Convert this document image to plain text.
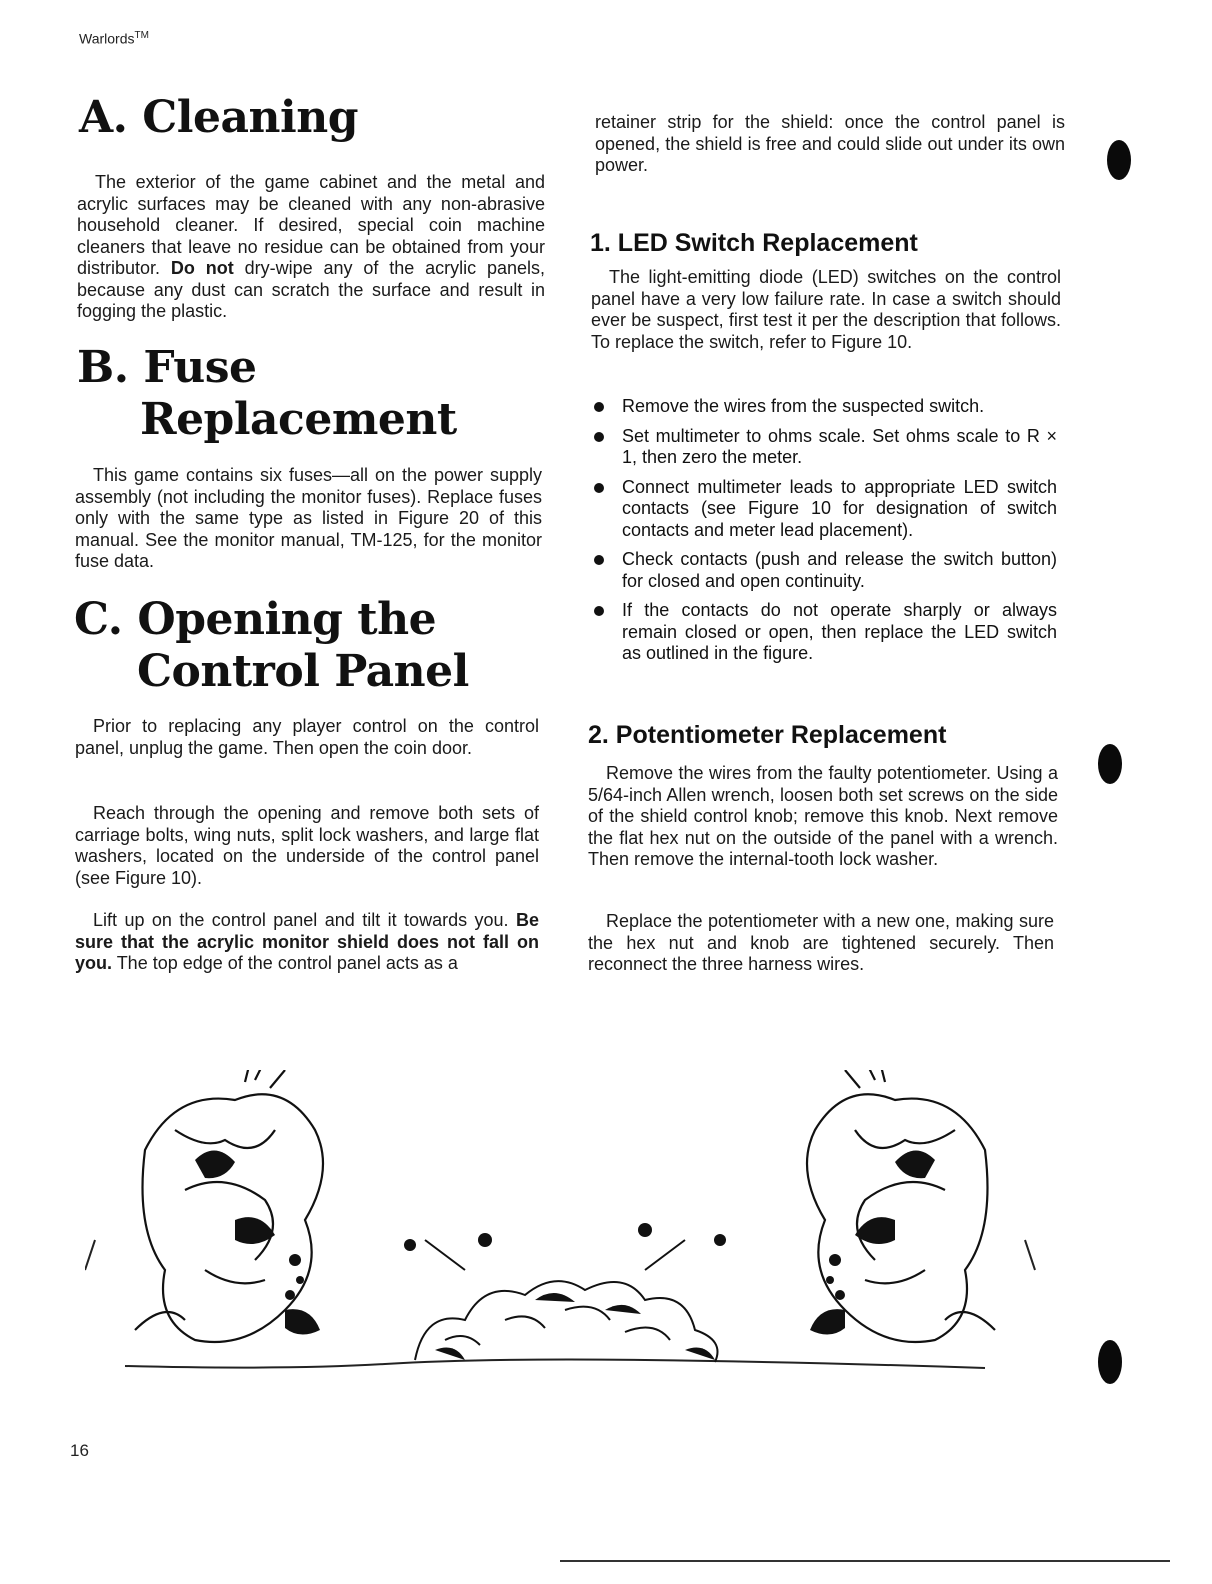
Warlords™
A. Cleaning

The exterior of the game cabinet and the metal and acrylic surfaces may be cleaned with any non-abrasive household cleaner. If desired, special coin machine cleaners that leave no residue can be obtained from your distributor. Do not dry-wipe any of the acrylic panels, because any dust can scratch the surface and result in fogging the plastic.

B. Fuse
Replacement

This game contains six fuses—all on the power supply assembly (not including the monitor fuses). Replace fuses only with the same type as listed in Figure 20 of this manual. See the monitor manual, TM-125, for the monitor fuse data.

C. Opening the
Control Panel

Prior to replacing any player control on the control panel, unplug the game. Then open the coin door.

Reach through the opening and remove both sets of carriage bolts, wing nuts, split lock washers, and large flat washers, located on the underside of the control panel (see Figure 10).

Lift up on the control panel and tilt it towards you. Be sure that the acrylic monitor shield does not fall on you. The top edge of the control panel acts as a

retainer strip for the shield: once the control panel is opened, the shield is free and could slide out under its own power.

1. LED Switch Replacement

The light-emitting diode (LED) switches on the control panel have a very low failure rate. In case a switch should ever be suspect, first test it per the description that follows. To replace the switch, refer to Figure 10.

Remove the wires from the suspected switch.
Set multimeter to ohms scale. Set ohms scale to R × 1, then zero the meter.
Connect multimeter leads to appropriate LED switch contacts (see Figure 10 for designation of switch contacts and meter lead placement).
Check contacts (push and release the switch button) for closed and open continuity.
If the contacts do not operate sharply or always remain closed or open, then replace the LED switch as outlined in the figure.
2. Potentiometer Replacement

Remove the wires from the faulty potentiometer. Using a 5/64-inch Allen wrench, loosen both set screws on the side of the shield control knob; remove this knob. Next remove the flat hex nut on the outside of the panel with a wrench. Then remove the internal-tooth lock washer.

Replace the potentiometer with a new one, making sure the hex nut and knob are tightened securely. Then reconnect the three harness wires.

16
